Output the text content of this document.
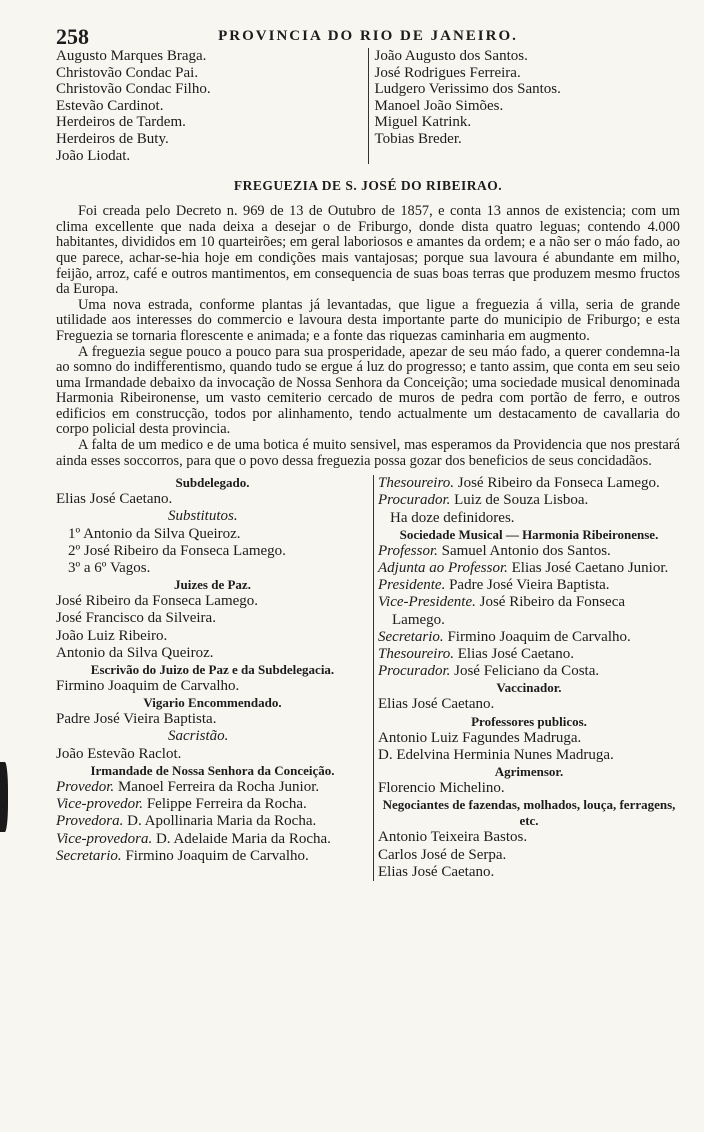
258	PROVINCIA DO RIO DE JANEIRO.
Augusto Marques Braga.
Christovão Condac Pai.
Christovão Condac Filho.
Estevão Cardinot.
Herdeiros de Tardem.
Herdeiros de Buty.
João Liodat.
João Augusto dos Santos.
José Rodrigues Ferreira.
Ludgero Verissimo dos Santos.
Manoel João Simões.
Miguel Katrink.
Tobias Breder.
FREGUEZIA DE S. JOSÉ DO RIBEIRAO.

Foi creada pelo Decreto n. 969 de 13 de Outubro de 1857, e conta 13 annos de existencia; com um clima excellente que nada deixa a desejar o de Friburgo, donde dista quatro leguas; contendo 4.000 habitantes, divididos em 10 quarteirões; em geral laboriosos e amantes da ordem; e a não ser o máo fado, ao que parece, achar-se-hia hoje em condições mais vantajosas; porque sua lavoura é abundante em milho, feijão, arroz, café e outros mantimentos, em consequencia de suas boas terras que produzem mesmo fructos da Europa.

Uma nova estrada, conforme plantas já levantadas, que ligue a freguezia á villa, seria de grande utilidade aos interesses do commercio e lavoura desta importante parte do municipio de Friburgo; e esta Freguezia se tornaria florescente e animada; e a fonte das riquezas caminharia em augmento.

A freguezia segue pouco a pouco para sua prosperidade, apezar de seu máo fado, a querer condemna-la ao somno do indifferentismo, quando tudo se ergue á luz do progresso; e tanto assim, que conta em seu seio uma Irmandade debaixo da invocação de Nossa Senhora da Conceição; uma sociedade musical denominada Harmonia Ribeironense, um vasto cemiterio cercado de muros de pedra com portão de ferro, e outros edificios em construcção, todos por alinhamento, tendo actualmente um destacamento de cavallaria do corpo policial desta provincia.

A falta de um medico e de uma botica é muito sensivel, mas esperamos da Providencia que nos prestará ainda esses soccorros, para que o povo dessa freguezia possa gozar dos beneficios de seus concidadãos.

Subdelegado.
Elias José Caetano.
Substitutos.
1º Antonio da Silva Queiroz.
2º José Ribeiro da Fonseca Lamego.
3º a 6º Vagos.
Juizes de Paz.
José Ribeiro da Fonseca Lamego.
José Francisco da Silveira.
João Luiz Ribeiro.
Antonio da Silva Queiroz.
Escrivão do Juizo de Paz e da Subdelegacia.
Firmino Joaquim de Carvalho.
Vigario Encommendado.
Padre José Vieira Baptista.
Sacristão.
João Estevão Raclot.
Irmandade de Nossa Senhora da Conceição.
Provedor. Manoel Ferreira da Rocha Junior.
Vice-provedor. Felippe Ferreira da Rocha.
Provedora. D. Apollinaria Maria da Rocha.
Vice-provedora. D. Adelaide Maria da Rocha.
Secretario. Firmino Joaquim de Carvalho.
Thesoureiro. José Ribeiro da Fonseca Lamego.
Procurador. Luiz de Souza Lisboa.
Ha doze definidores.
Sociedade Musical — Harmonia Ribeironense.
Professor. Samuel Antonio dos Santos.
Adjunta ao Professor. Elias José Caetano Junior.
Presidente. Padre José Vieira Baptista.
Vice-Presidente. José Ribeiro da Fonseca Lamego.
Secretario. Firmino Joaquim de Carvalho.
Thesoureiro. Elias José Caetano.
Procurador. José Feliciano da Costa.
Vaccinador.
Elias José Caetano.
Professores publicos.
Antonio Luiz Fagundes Madruga.
D. Edelvina Herminia Nunes Madruga.
Agrimensor.
Florencio Michelino.
Negociantes de fazendas, molhados, louça, ferragens, etc.
Antonio Teixeira Bastos.
Carlos José de Serpa.
Elias José Caetano.
